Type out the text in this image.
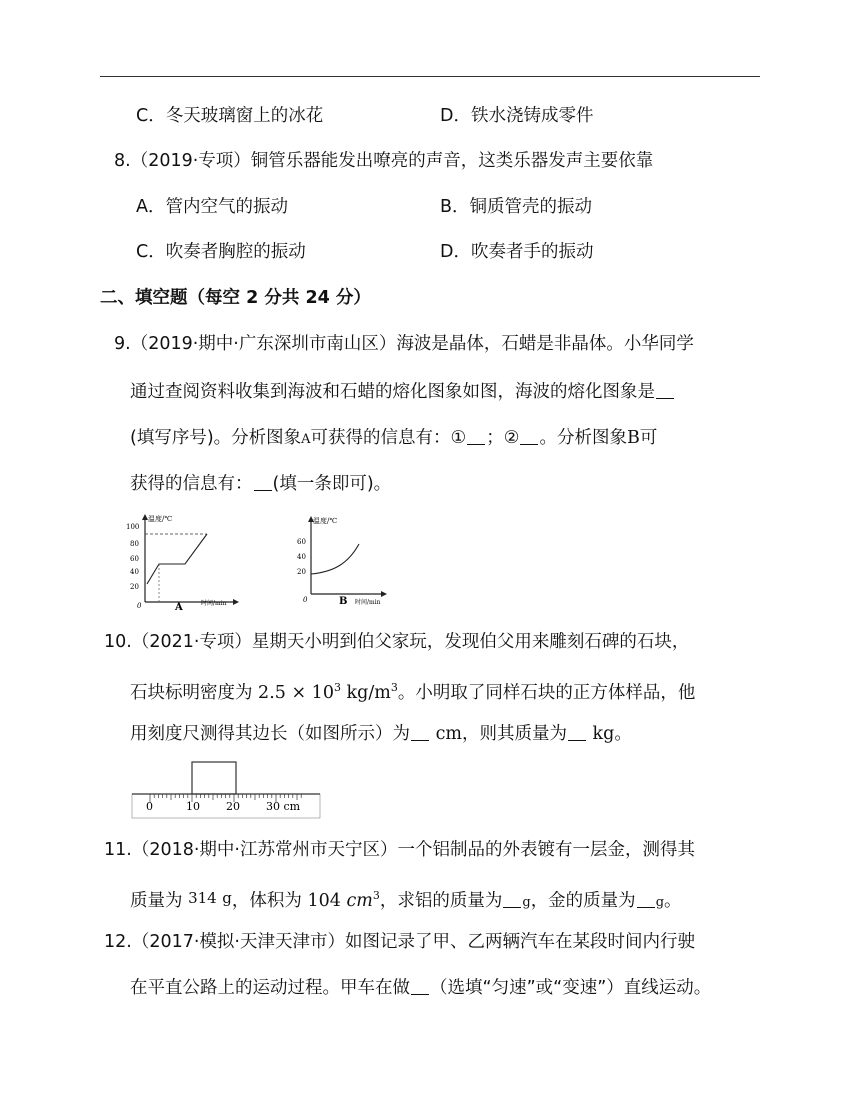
C．冬天玻璃窗上的冰花	D．铁水浇铸成零件
8.（2019·专项）铜管乐器能发出嘹亮的声音，这类乐器发声主要依靠
A．管内空气的振动	B．铜质管壳的振动
C．吹奏者胸腔的振动	D．吹奏者手的振动
二、填空题（每空 2 分共 24 分）
9.（2019·期中·广东深圳市南山区）海波是晶体，石蜡是非晶体。小华同学
通过查阅资料收集到海波和石蜡的熔化图象如图，海波的熔化图象是
(填写序号)。分析图象A可获得的信息有：① ；② 。分析图象B可
获得的信息有： (填一条即可)。
温度/℃
100
80
60
40
20
0	A	时间/min
温度/℃
60
40
20
0	B 时间/min
10.（2021·专项）星期天小明到伯父家玩，发现伯父用来雕刻石碑的石块，
石块标明密度为 $2.5 \times 10^3$ $kg/m^3$。小明取了同样石块的正方体样品，他
用刻度尺测得其边长（如图所示）为 cm，则其质量为 kg。
0	10 20 30 cm
11.（2018·期中·江苏常州市天宁区）一个铝制品的外表镀有一层金，测得其
质量为 314 g，体积为 104 $cm^3$，求铝的质量为 g，金的质量为 g。
12.（2017·模拟·天津天津市）如图记录了甲、乙两辆汽车在某段时间内行驶
在平直公路上的运动过程。甲车在做 （选填“匀速”或“变速”）直线运动。
